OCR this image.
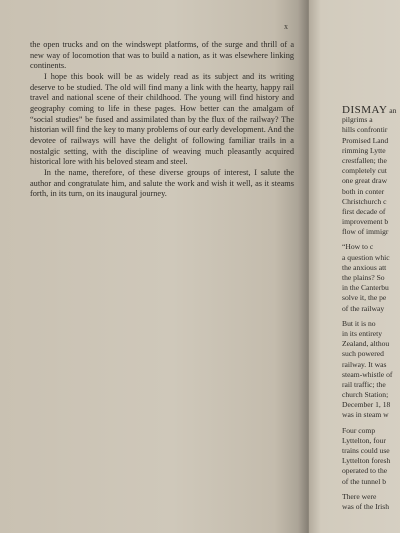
x

the open trucks and on the windswept platforms, of the surge and thrill of a new way of locomotion that was to build a nation, as it was elsewhere linking continents.

I hope this book will be as widely read as its subject and its writing deserve to be studied. The old will find many a link with the hearty, happy rail travel and national scene of their childhood. The young will find history and geography coming to life in these pages. How better can the amalgam of “social studies” be fused and assimilated than by the flux of the railway? The historian will find the key to many problems of our early development. And the devotee of railways will have the delight of following familiar trails in a nostalgic setting, with the discipline of weaving much pleasantly acquired historical lore with his beloved steam and steel.

In the name, therefore, of these diverse groups of interest, I salute the author and congratulate him, and salute the work and wish it well, as it steams forth, in its turn, on its inaugural journey.

DISMAY an
pilgrims a
hills confrontir
Promised Land
rimming Lytte
crestfallen; the
completely cut
one great draw
both in conter
Christchurch c
first decade of
improvement b
flow of immigr
“How to c
a question whic
the anxious att
the plains? So
in the Canterbu
solve it, the pe
of the railway
But it is no
in its entirety
Zealand, althou
such powered
railway. It was
steam-whistle of
rail traffic; the
church Station;
December 1, 18
was in steam w
Four comp
Lyttelton, four
trains could use
Lyttelton foresh
operated to the
of the tunnel b
There were
was of the Irish
